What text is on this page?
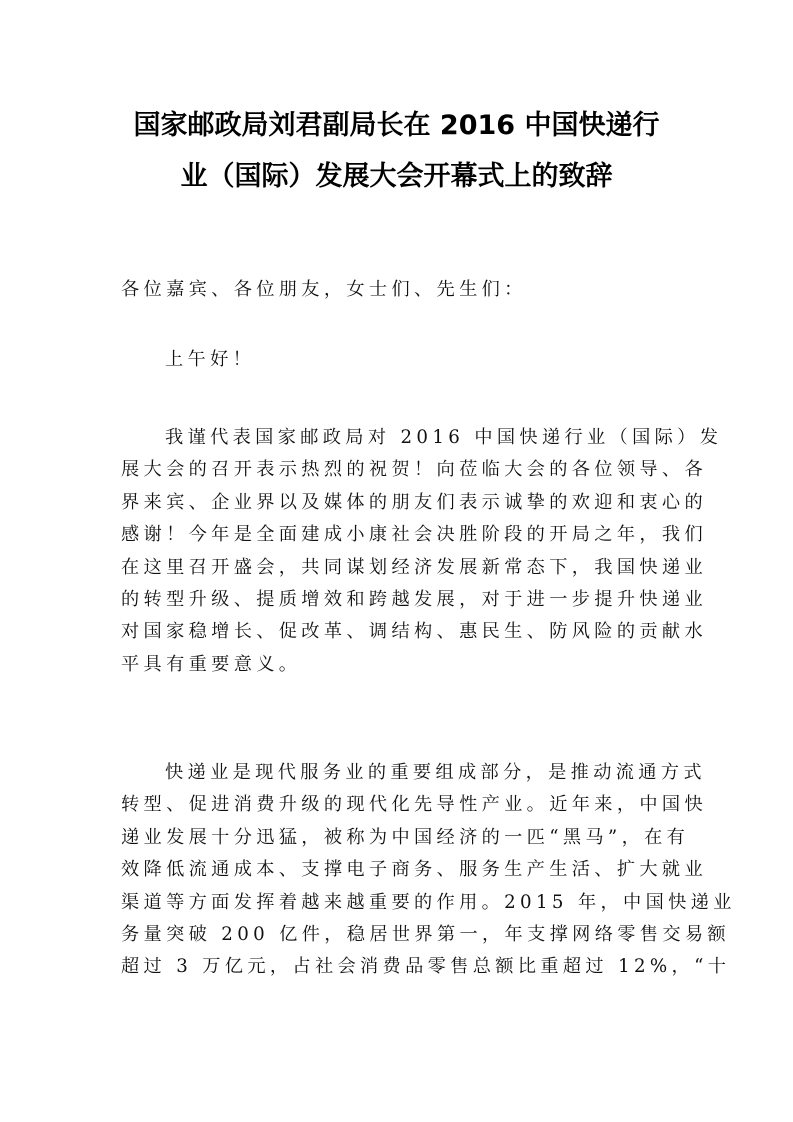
国家邮政局刘君副局长在 2016 中国快递行
业（国际）发展大会开幕式上的致辞
各位嘉宾、各位朋友，女士们、先生们：
上午好！
我谨代表国家邮政局对 2016 中国快递行业（国际）发
展大会的召开表示热烈的祝贺！向莅临大会的各位领导、各
界来宾、企业界以及媒体的朋友们表示诚挚的欢迎和衷心的
感谢！今年是全面建成小康社会决胜阶段的开局之年，我们
在这里召开盛会，共同谋划经济发展新常态下，我国快递业
的转型升级、提质增效和跨越发展，对于进一步提升快递业
对国家稳增长、促改革、调结构、惠民生、防风险的贡献水
平具有重要意义。
快递业是现代服务业的重要组成部分，是推动流通方式
转型、促进消费升级的现代化先导性产业。近年来，中国快
递业发展十分迅猛，被称为中国经济的一匹“黑马”，在有
效降低流通成本、支撑电子商务、服务生产生活、扩大就业
渠道等方面发挥着越来越重要的作用。2015 年，中国快递业
务量突破 200 亿件，稳居世界第一，年支撑网络零售交易额
超过 3 万亿元，占社会消费品零售总额比重超过 12%，“十
